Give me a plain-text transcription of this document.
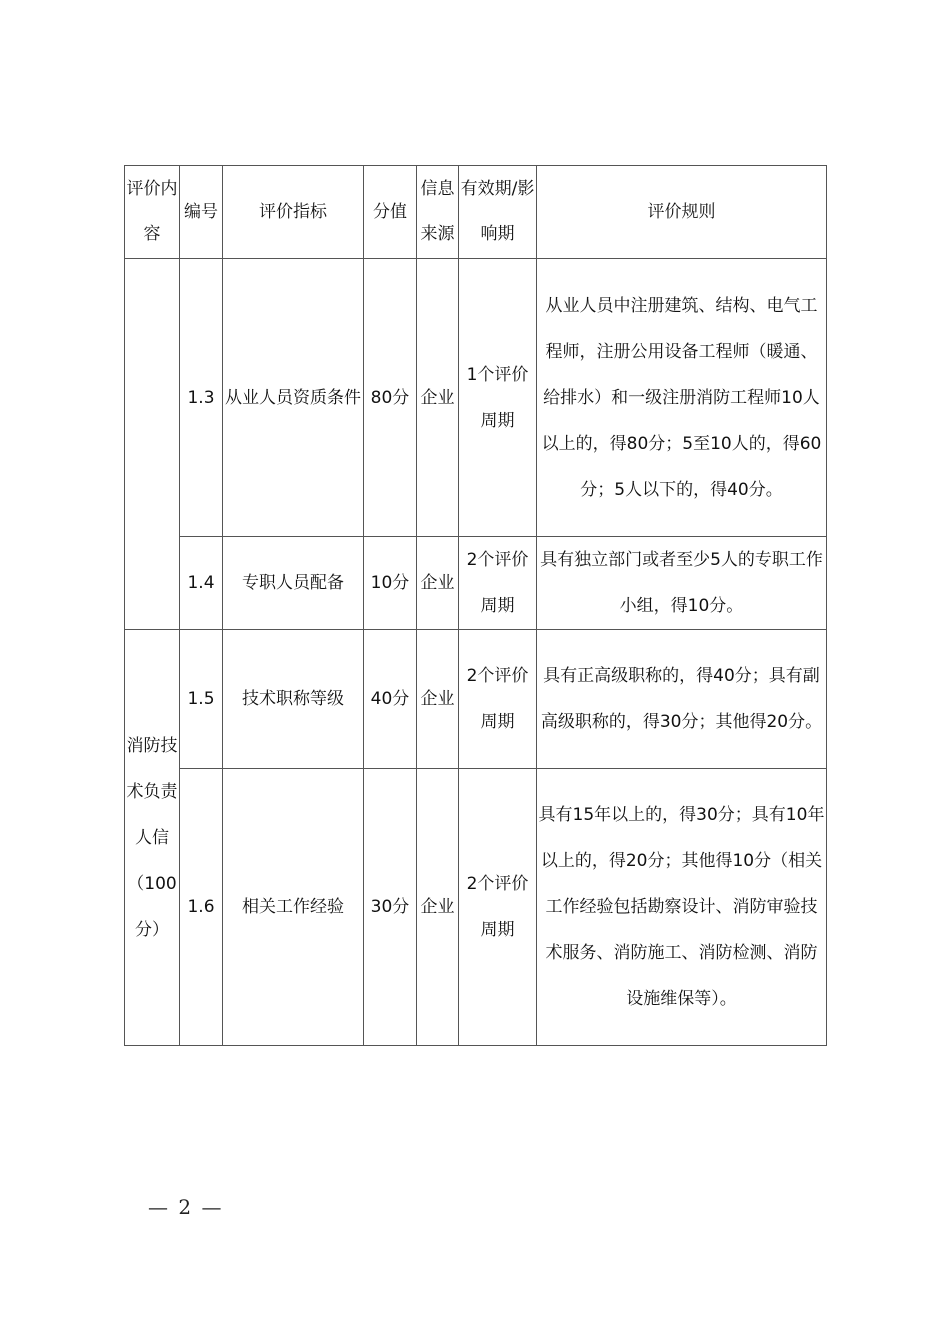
评价内容	编号	评价指标	分值	信息来源	有效期/影响期	评价规则
	1.3	从业人员资质条件	80分	企业	1个评价周期	从业人员中注册建筑、结构、电气工程师，注册公用设备工程师（暖通、给排水）和一级注册消防工程师10人以上的，得80分；5至10人的，得60分；5人以下的，得40分。
	1.4	专职人员配备	10分	企业	2个评价周期	具有独立部门或者至少5人的专职工作小组，得10分。
消防技术负责人信（100分）	1.5	技术职称等级	40分	企业	2个评价周期	具有正高级职称的，得40分；具有副高级职称的，得30分；其他得20分。
	1.6	相关工作经验	30分	企业	2个评价周期	具有15年以上的，得30分；具有10年以上的，得20分；其他得10分（相关工作经验包括勘察设计、消防审验技术服务、消防施工、消防检测、消防设施维保等）。
— 2 —
